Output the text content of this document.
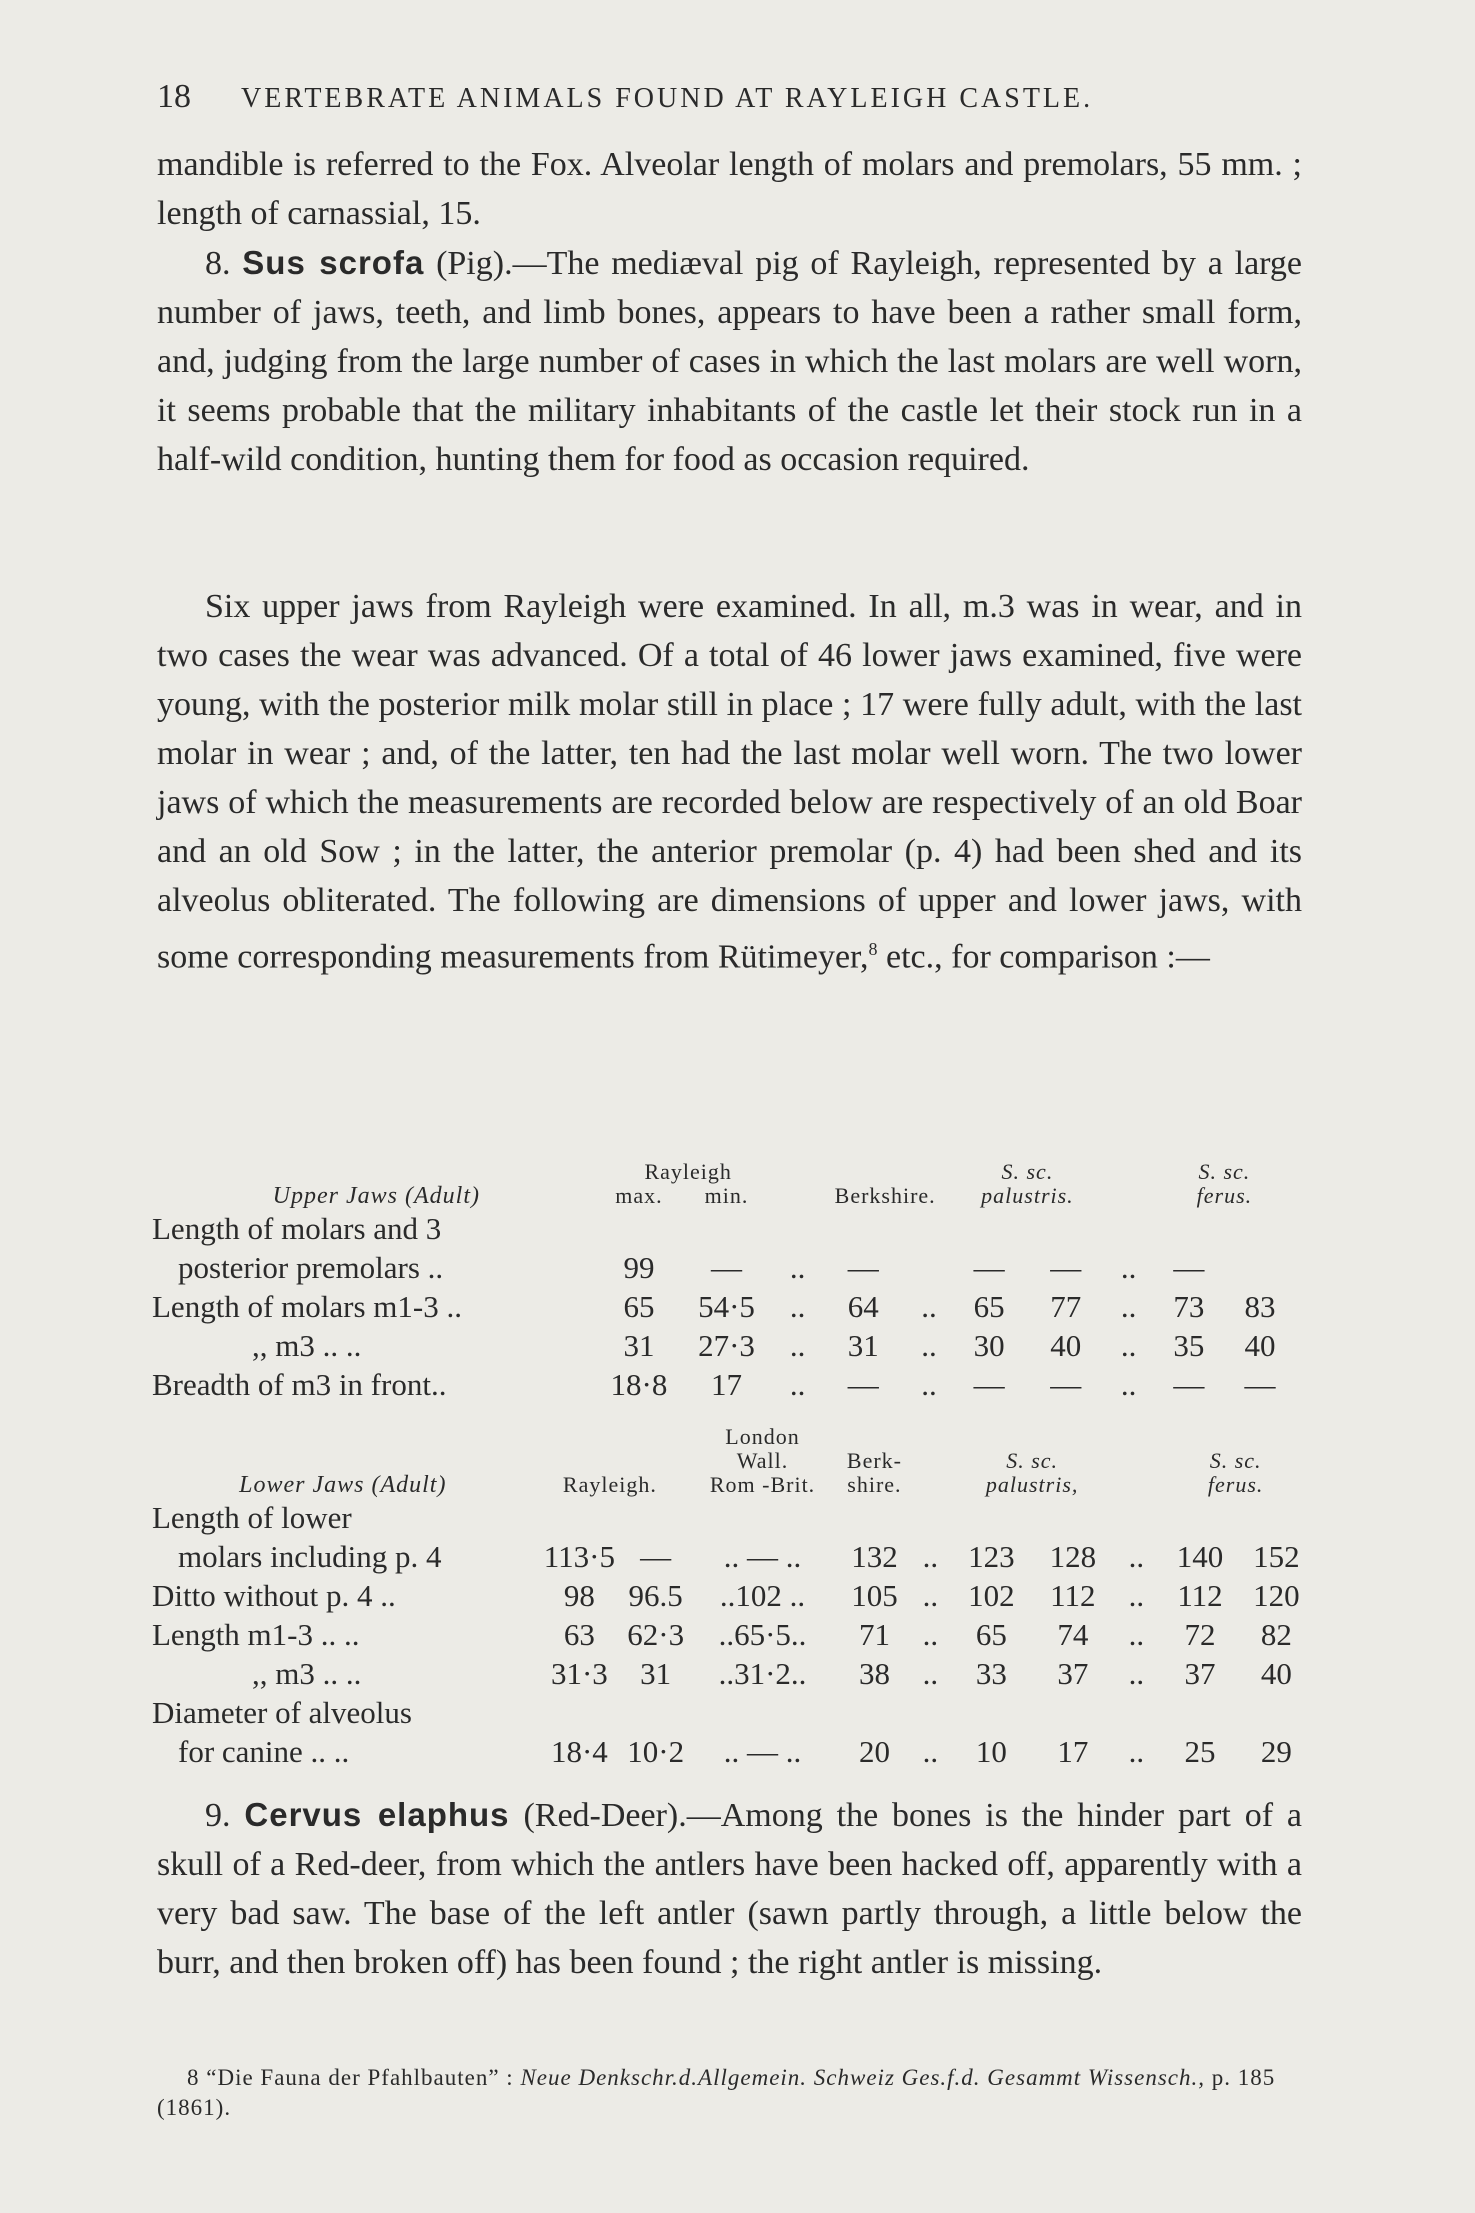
18 VERTEBRATE ANIMALS FOUND AT RAYLEIGH CASTLE.

mandible is referred to the Fox. Alveolar length of molars and premolars, 55 mm. ; length of carnassial, 15.

8. Sus scrofa (Pig).—The mediæval pig of Rayleigh, represented by a large number of jaws, teeth, and limb bones, appears to have been a rather small form, and, judging from the large number of cases in which the last molars are well worn, it seems probable that the military inhabitants of the castle let their stock run in a half-wild condition, hunting them for food as occasion required.

Six upper jaws from Rayleigh were examined. In all, m.3 was in wear, and in two cases the wear was advanced. Of a total of 46 lower jaws examined, five were young, with the posterior milk molar still in place ; 17 were fully adult, with the last molar in wear ; and, of the latter, ten had the last molar well worn. The two lower jaws of which the measurements are recorded below are respectively of an old Boar and an old Sow ; in the latter, the anterior premolar (p. 4) had been shed and its alveolus obliterated. The following are dimensions of upper and lower jaws, with some corresponding measurements from Rütimeyer,$^8$ etc., for comparison :—

	Rayleigh					S. sc.			S. sc.		
Upper Jaws (Adult)	max.	min.		Berkshire.		palustris.			ferus.		
Length of molars and 3											
posterior premolars ..	99	—	..	—		—	—	..	—		
Length of molars m1-3 ..	65	54·5	..	64	..	65	77	..	73	83	
,, m3 .. ..	31	27·3	..	31	..	30	40	..	35	40	
Breadth of m3 in front..	18·8	17	..	—	..	—	—	..	—	—	
			London							
			Wall.	Berk-		S. sc.			S. sc.	
Lower Jaws (Adult)	Rayleigh.		Rom -Brit.	shire.		palustris,			ferus.	
Length of lower										
molars including p. 4	113·5	—	.. — ..	132	..	123	128	..	140	152
Ditto without p. 4 ..	98	96.5	..102 ..	105	..	102	112	..	112	120
Length m1-3 .. ..	63	62·3	..65·5..	71	..	65	74	..	72	82
,, m3 .. ..	31·3	31	..31·2..	38	..	33	37	..	37	40
Diameter of alveolus										
for canine .. ..	18·4	10·2	.. — ..	20	..	10	17	..	25	29

9. Cervus elaphus (Red-Deer).—Among the bones is the hinder part of a skull of a Red-deer, from which the antlers have been hacked off, apparently with a very bad saw. The base of the left antler (sawn partly through, a little below the burr, and then broken off) has been found ; the right antler is missing.

8 “Die Fauna der Pfahlbauten” : Neue Denkschr.d.Allgemein. Schweiz Ges.f.d. Gesammt Wissensch., p. 185 (1861).
